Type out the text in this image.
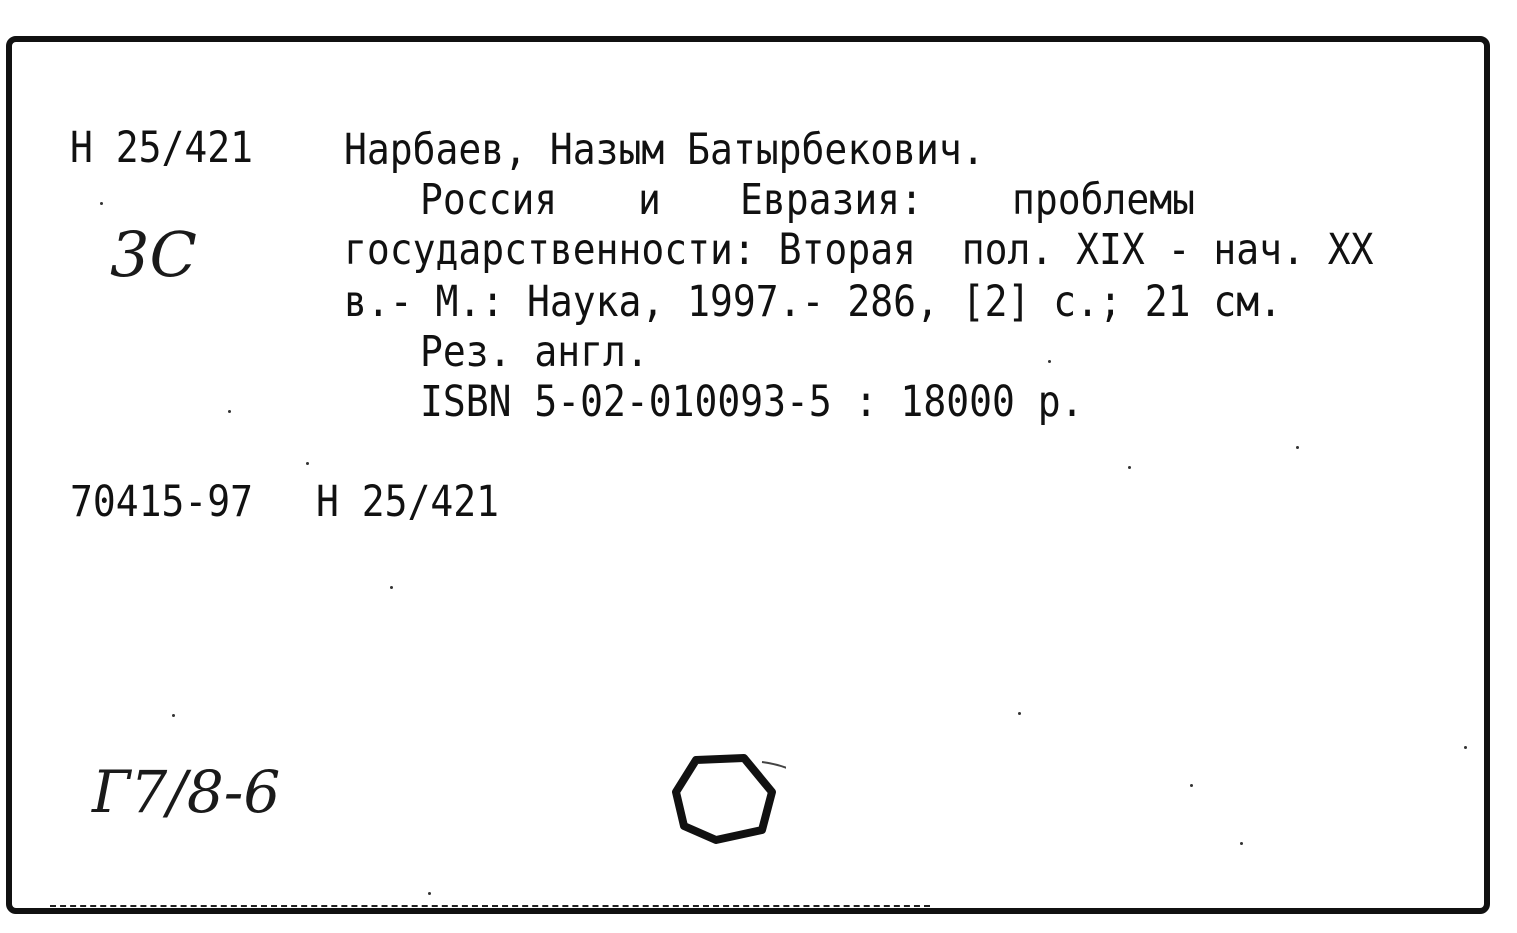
Н 25/421 Нарбаев, Назым Батырбекович.
Россия и Евразия: проблемы
государственности: Вторая  пол. XIX - нач. XX
в.- М.: Наука, 1997.- 286, [2] с.; 21 см.
Рез. англ.
ISBN 5-02-010093-5 : 18000 р.
70415-97 Н 25/421
3С
Г7/8-6
